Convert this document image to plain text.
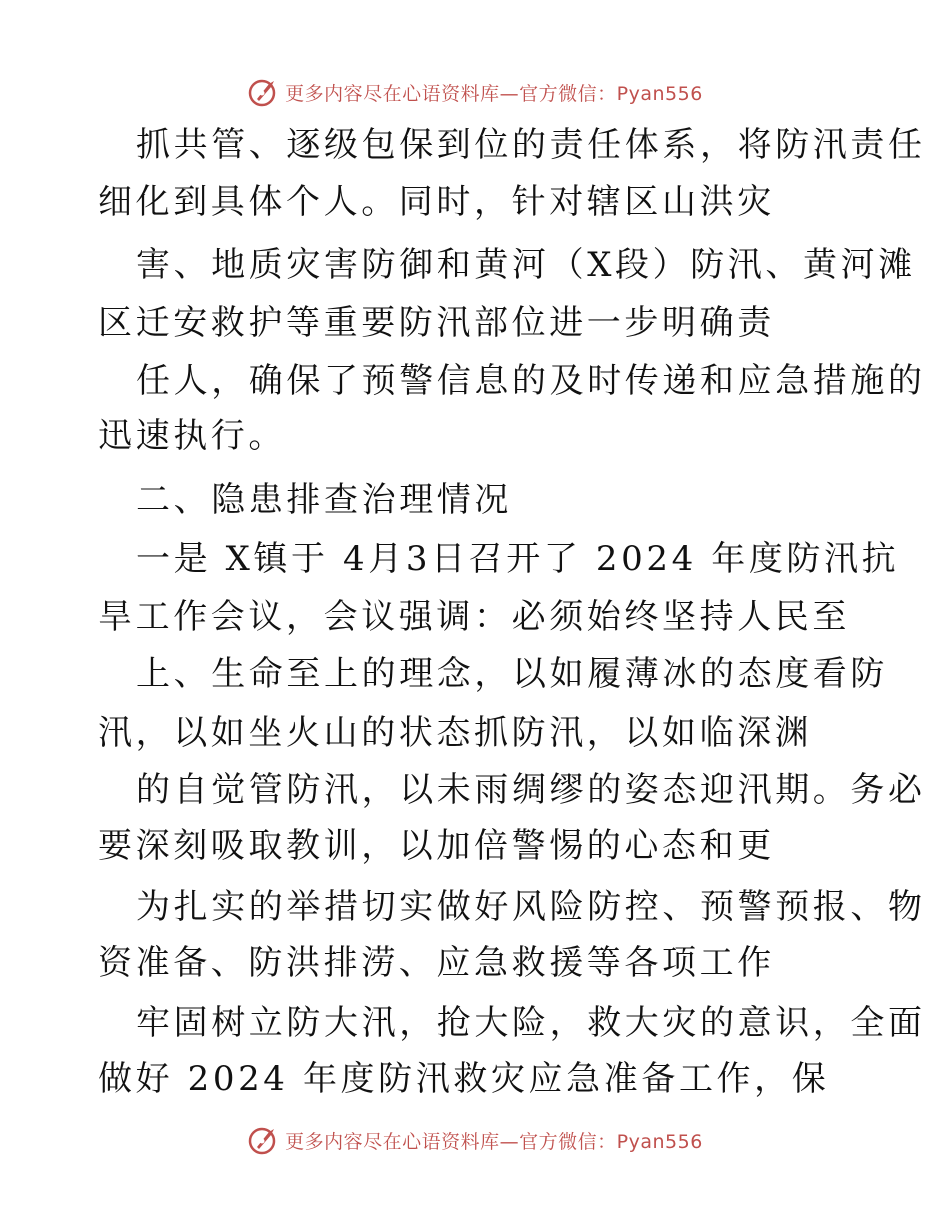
更多内容尽在心语资料库—官方微信：Pyan556
抓共管、逐级包保到位的责任体系，将防汛责任
细化到具体个人。同时，针对辖区山洪灾
害、地质灾害防御和黄河（X段）防汛、黄河滩
区迁安救护等重要防汛部位进一步明确责
任人，确保了预警信息的及时传递和应急措施的
迅速执行。
二、隐患排查治理情况
一是 X镇于 4月3日召开了 2024 年度防汛抗
旱工作会议，会议强调：必须始终坚持人民至
上、生命至上的理念，以如履薄冰的态度看防
汛，以如坐火山的状态抓防汛，以如临深渊
的自觉管防汛，以未雨绸缪的姿态迎汛期。务必
要深刻吸取教训，以加倍警惕的心态和更
为扎实的举措切实做好风险防控、预警预报、物
资准备、防洪排涝、应急救援等各项工作
牢固树立防大汛，抢大险，救大灾的意识，全面
做好 2024 年度防汛救灾应急准备工作，保
更多内容尽在心语资料库—官方微信：Pyan556
